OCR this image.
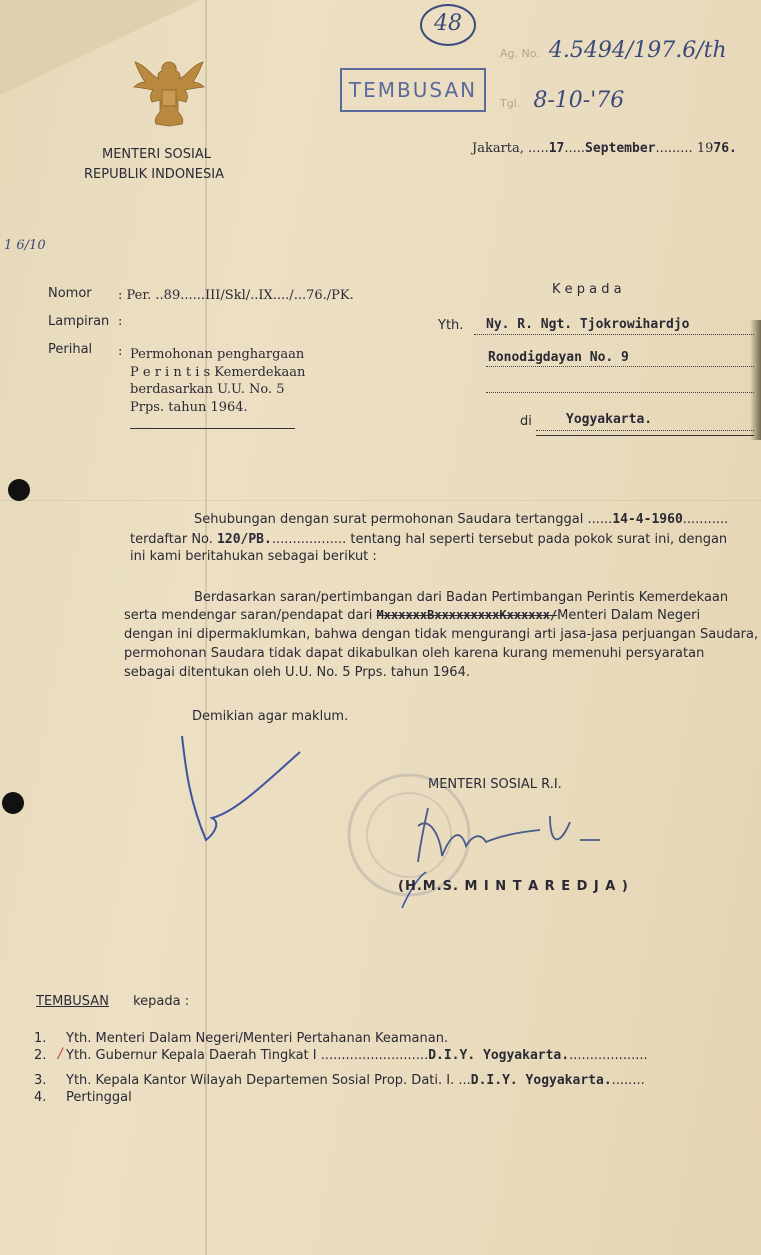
48
TEMBUSAN
Ag. No. 4.5494/197.6/th
Tgl. 8-10-'76
MENTERI SOSIAL
REPUBLIK INDONESIA
Jakarta, .....17.....September......... 1976.
1 6/10
Nomor : Per. ..89......III/Skl/..IX..../...76./PK.
Lampiran :
Perihal : Permohonan penghargaan
P e r i n t i s Kemerdekaan
berdasarkan U.U. No. 5
Prps. tahun 1964.
K e p a d a
Yth. Ny. R. Ngt. Tjokrowihardjo
Ronodigdayan No. 9
di	Yogyakarta.
Sehubungan dengan surat permohonan Saudara tertanggal ......14-4-1960...........
terdaftar No. 120/PB................... tentang hal seperti tersebut pada pokok surat ini, dengan
ini kami beritahukan sebagai berikut :
Berdasarkan saran/pertimbangan dari Badan Pertimbangan Perintis Kemerdekaan
serta mendengar saran/pendapat dari MxxxxxxBxxxxxxxxxKxxxxxx/Menteri Dalam Negeri
dengan ini dipermaklumkan, bahwa dengan tidak mengurangi arti jasa-jasa perjuangan Saudara,
permohonan Saudara tidak dapat dikabulkan oleh karena kurang memenuhi persyaratan
sebagai ditentukan oleh U.U. No. 5 Prps. tahun 1964.
Demikian agar maklum.
MENTERI SOSIAL R.I.
(H.M.S. M I N T A R E D J A )
TEMBUSAN kepada :
1. Yth. Menteri Dalam Negeri/Menteri Pertahanan Keamanan.
2. Yth. Gubernur Kepala Daerah Tingkat I ..........................D.I.Y. Yogyakarta....................
/
3. Yth. Kepala Kantor Wilayah Departemen Sosial Prop. Dati. I. ...D.I.Y. Yogyakarta.........
4. Pertinggal
